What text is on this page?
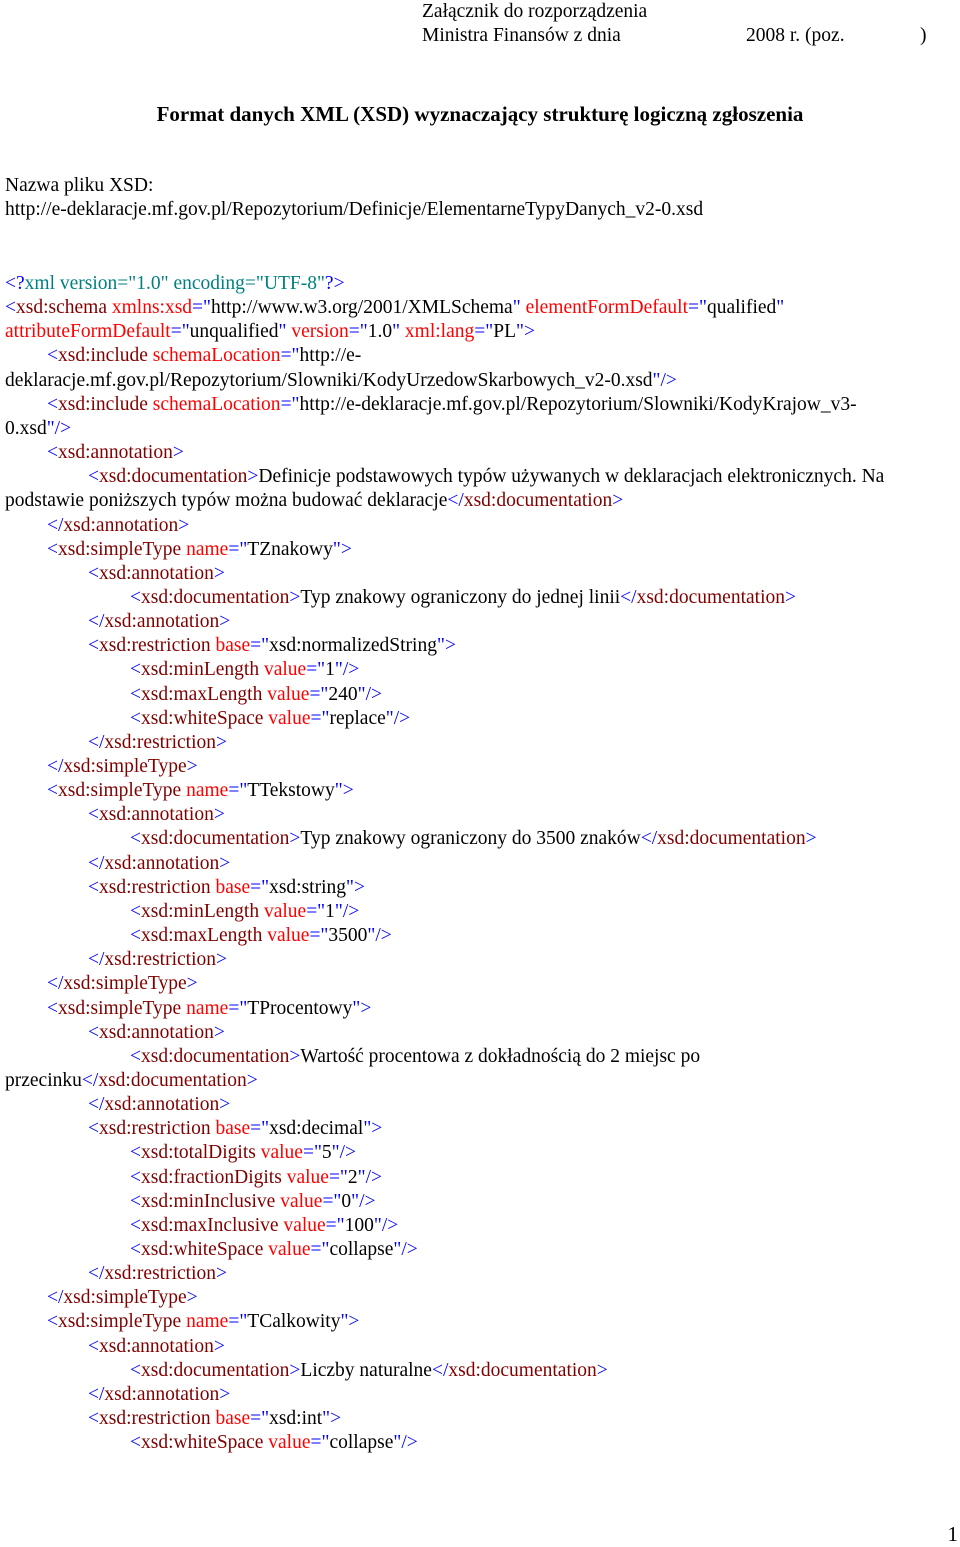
Załącznik do rozporządzenia
Ministra Finansów z dnia	2008 r. (poz.	)
Format danych XML (XSD) wyznaczający strukturę logiczną zgłoszenia
Nazwa pliku XSD:
http://e-deklaracje.mf.gov.pl/Repozytorium/Definicje/ElementarneTypyDanych_v2-0.xsd
<?xml version="1.0" encoding="UTF-8"?>
<xsd:schema xmlns:xsd="http://www.w3.org/2001/XMLSchema" elementFormDefault="qualified"
attributeFormDefault="unqualified" version="1.0" xml:lang="PL">
<xsd:include schemaLocation="http://e-
deklaracje.mf.gov.pl/Repozytorium/Slowniki/KodyUrzedowSkarbowych_v2-0.xsd"/>
<xsd:include schemaLocation="http://e-deklaracje.mf.gov.pl/Repozytorium/Slowniki/KodyKrajow_v3-
0.xsd"/>
<xsd:annotation>
<xsd:documentation>Definicje podstawowych typów używanych w deklaracjach elektronicznych. Na
podstawie poniższych typów można budować deklaracje</xsd:documentation>
</xsd:annotation>
<xsd:simpleType name="TZnakowy">
<xsd:annotation>
<xsd:documentation>Typ znakowy ograniczony do jednej linii</xsd:documentation>
</xsd:annotation>
<xsd:restriction base="xsd:normalizedString">
<xsd:minLength value="1"/>
<xsd:maxLength value="240"/>
<xsd:whiteSpace value="replace"/>
</xsd:restriction>
</xsd:simpleType>
<xsd:simpleType name="TTekstowy">
<xsd:annotation>
<xsd:documentation>Typ znakowy ograniczony do 3500 znaków</xsd:documentation>
</xsd:annotation>
<xsd:restriction base="xsd:string">
<xsd:minLength value="1"/>
<xsd:maxLength value="3500"/>
</xsd:restriction>
</xsd:simpleType>
<xsd:simpleType name="TProcentowy">
<xsd:annotation>
<xsd:documentation>Wartość procentowa z dokładnością do 2 miejsc po
przecinku</xsd:documentation>
</xsd:annotation>
<xsd:restriction base="xsd:decimal">
<xsd:totalDigits value="5"/>
<xsd:fractionDigits value="2"/>
<xsd:minInclusive value="0"/>
<xsd:maxInclusive value="100"/>
<xsd:whiteSpace value="collapse"/>
</xsd:restriction>
</xsd:simpleType>
<xsd:simpleType name="TCalkowity">
<xsd:annotation>
<xsd:documentation>Liczby naturalne</xsd:documentation>
</xsd:annotation>
<xsd:restriction base="xsd:int">
<xsd:whiteSpace value="collapse"/>
1
